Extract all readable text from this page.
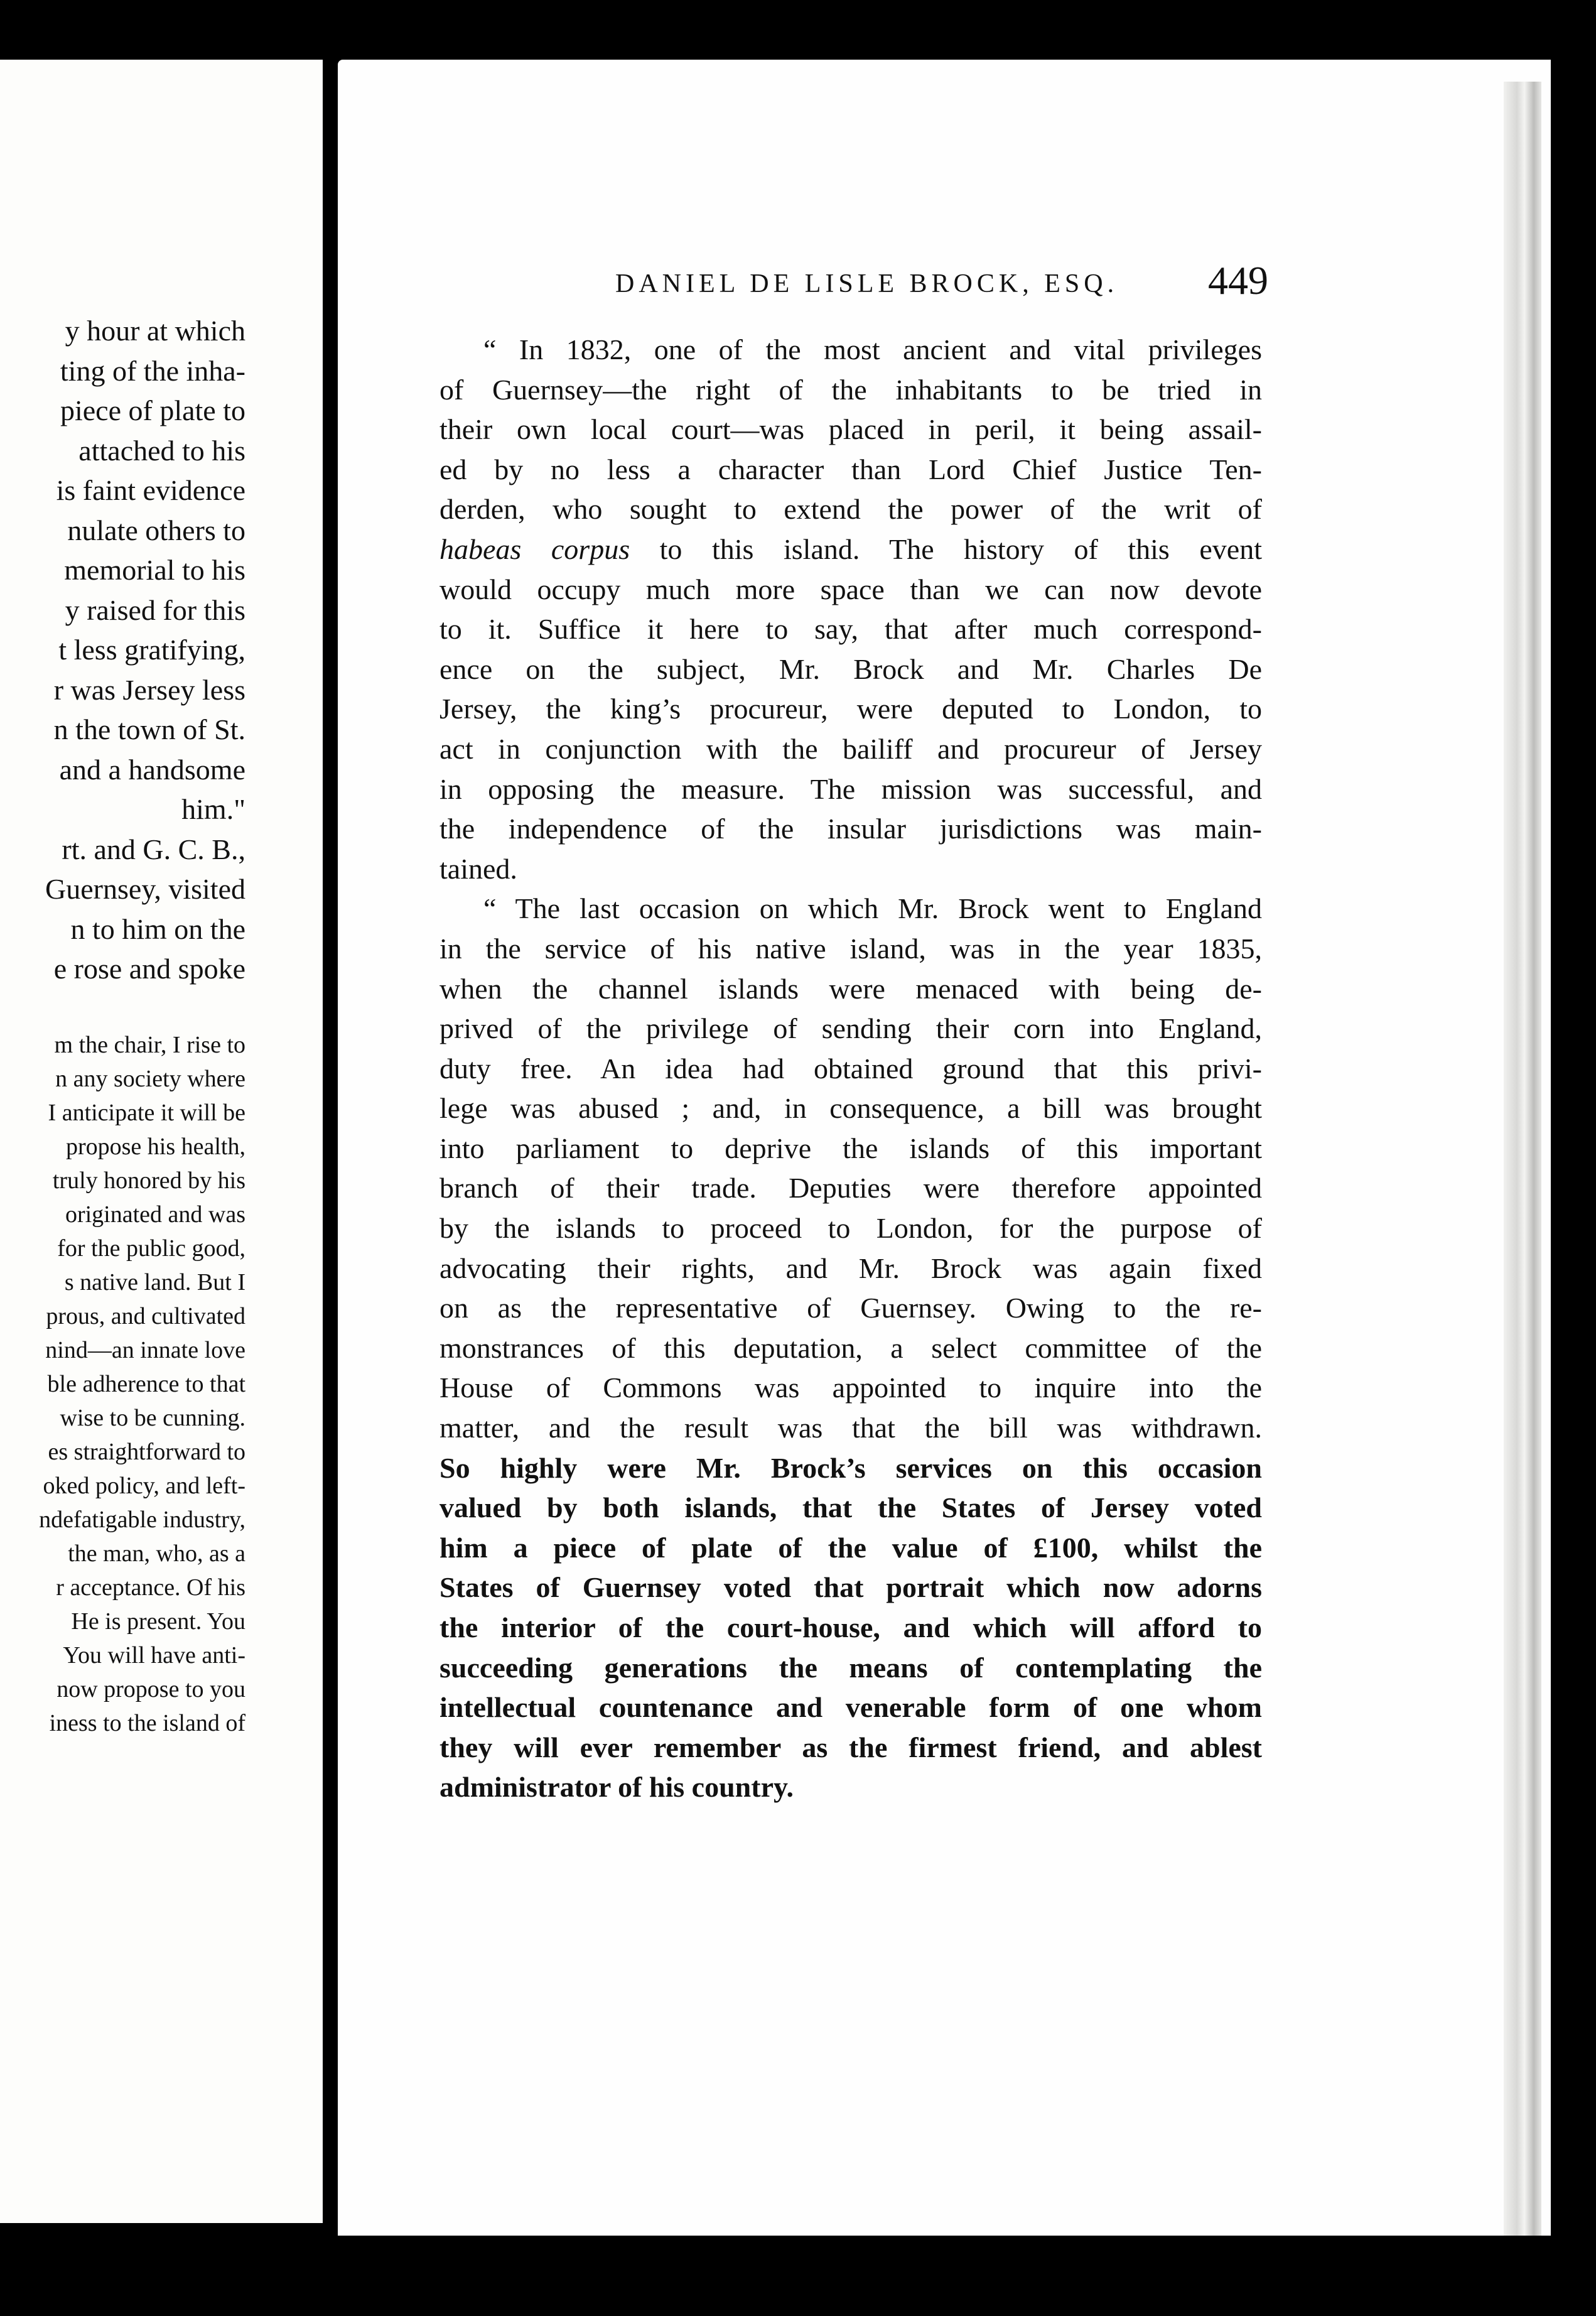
y hour at which
ting of the inha-
piece of plate to
attached to his
is faint evidence
nulate others to
memorial to his
y raised for this
t less gratifying,
r was Jersey less
n the town of St.
and a handsome
him."
rt. and G. C. B.,
Guernsey, visited
n to him on the
e rose and spoke
m the chair, I rise to
n any society where
I anticipate it will be
propose his health,
truly honored by his
originated and was
for the public good,
s native land. But I
prous, and cultivated
nind—an innate love
ble adherence to that
wise to be cunning.
es straightforward to
oked policy, and left-
ndefatigable industry,
the man, who, as a
r acceptance. Of his
He is present. You
You will have anti-
now propose to you
iness to the island of
DANIEL DE LISLE BROCK, ESQ. 449
“ In 1832, one of the most ancient and vital privileges
of Guernsey—the right of the inhabitants to be tried in
their own local court—was placed in peril, it being assail-
ed by no less a character than Lord Chief Justice Ten-
derden, who sought to extend the power of the writ of
habeas corpus to this island. The history of this event
would occupy much more space than we can now devote
to it. Suffice it here to say, that after much correspond-
ence on the subject, Mr. Brock and Mr. Charles De
Jersey, the king’s procureur, were deputed to London, to
act in conjunction with the bailiff and procureur of Jersey
in opposing the measure. The mission was successful, and
the independence of the insular jurisdictions was main-
tained.
“ The last occasion on which Mr. Brock went to England
in the service of his native island, was in the year 1835,
when the channel islands were menaced with being de-
prived of the privilege of sending their corn into England,
duty free. An idea had obtained ground that this privi-
lege was abused ; and, in consequence, a bill was brought
into parliament to deprive the islands of this important
branch of their trade. Deputies were therefore appointed
by the islands to proceed to London, for the purpose of
advocating their rights, and Mr. Brock was again fixed
on as the representative of Guernsey. Owing to the re-
monstrances of this deputation, a select committee of the
House of Commons was appointed to inquire into the
matter, and the result was that the bill was withdrawn.
So highly were Mr. Brock’s services on this occasion
valued by both islands, that the States of Jersey voted
him a piece of plate of the value of £100, whilst the
States of Guernsey voted that portrait which now adorns
the interior of the court-house, and which will afford to
succeeding generations the means of contemplating the
intellectual countenance and venerable form of one whom
they will ever remember as the firmest friend, and ablest
administrator of his country.
